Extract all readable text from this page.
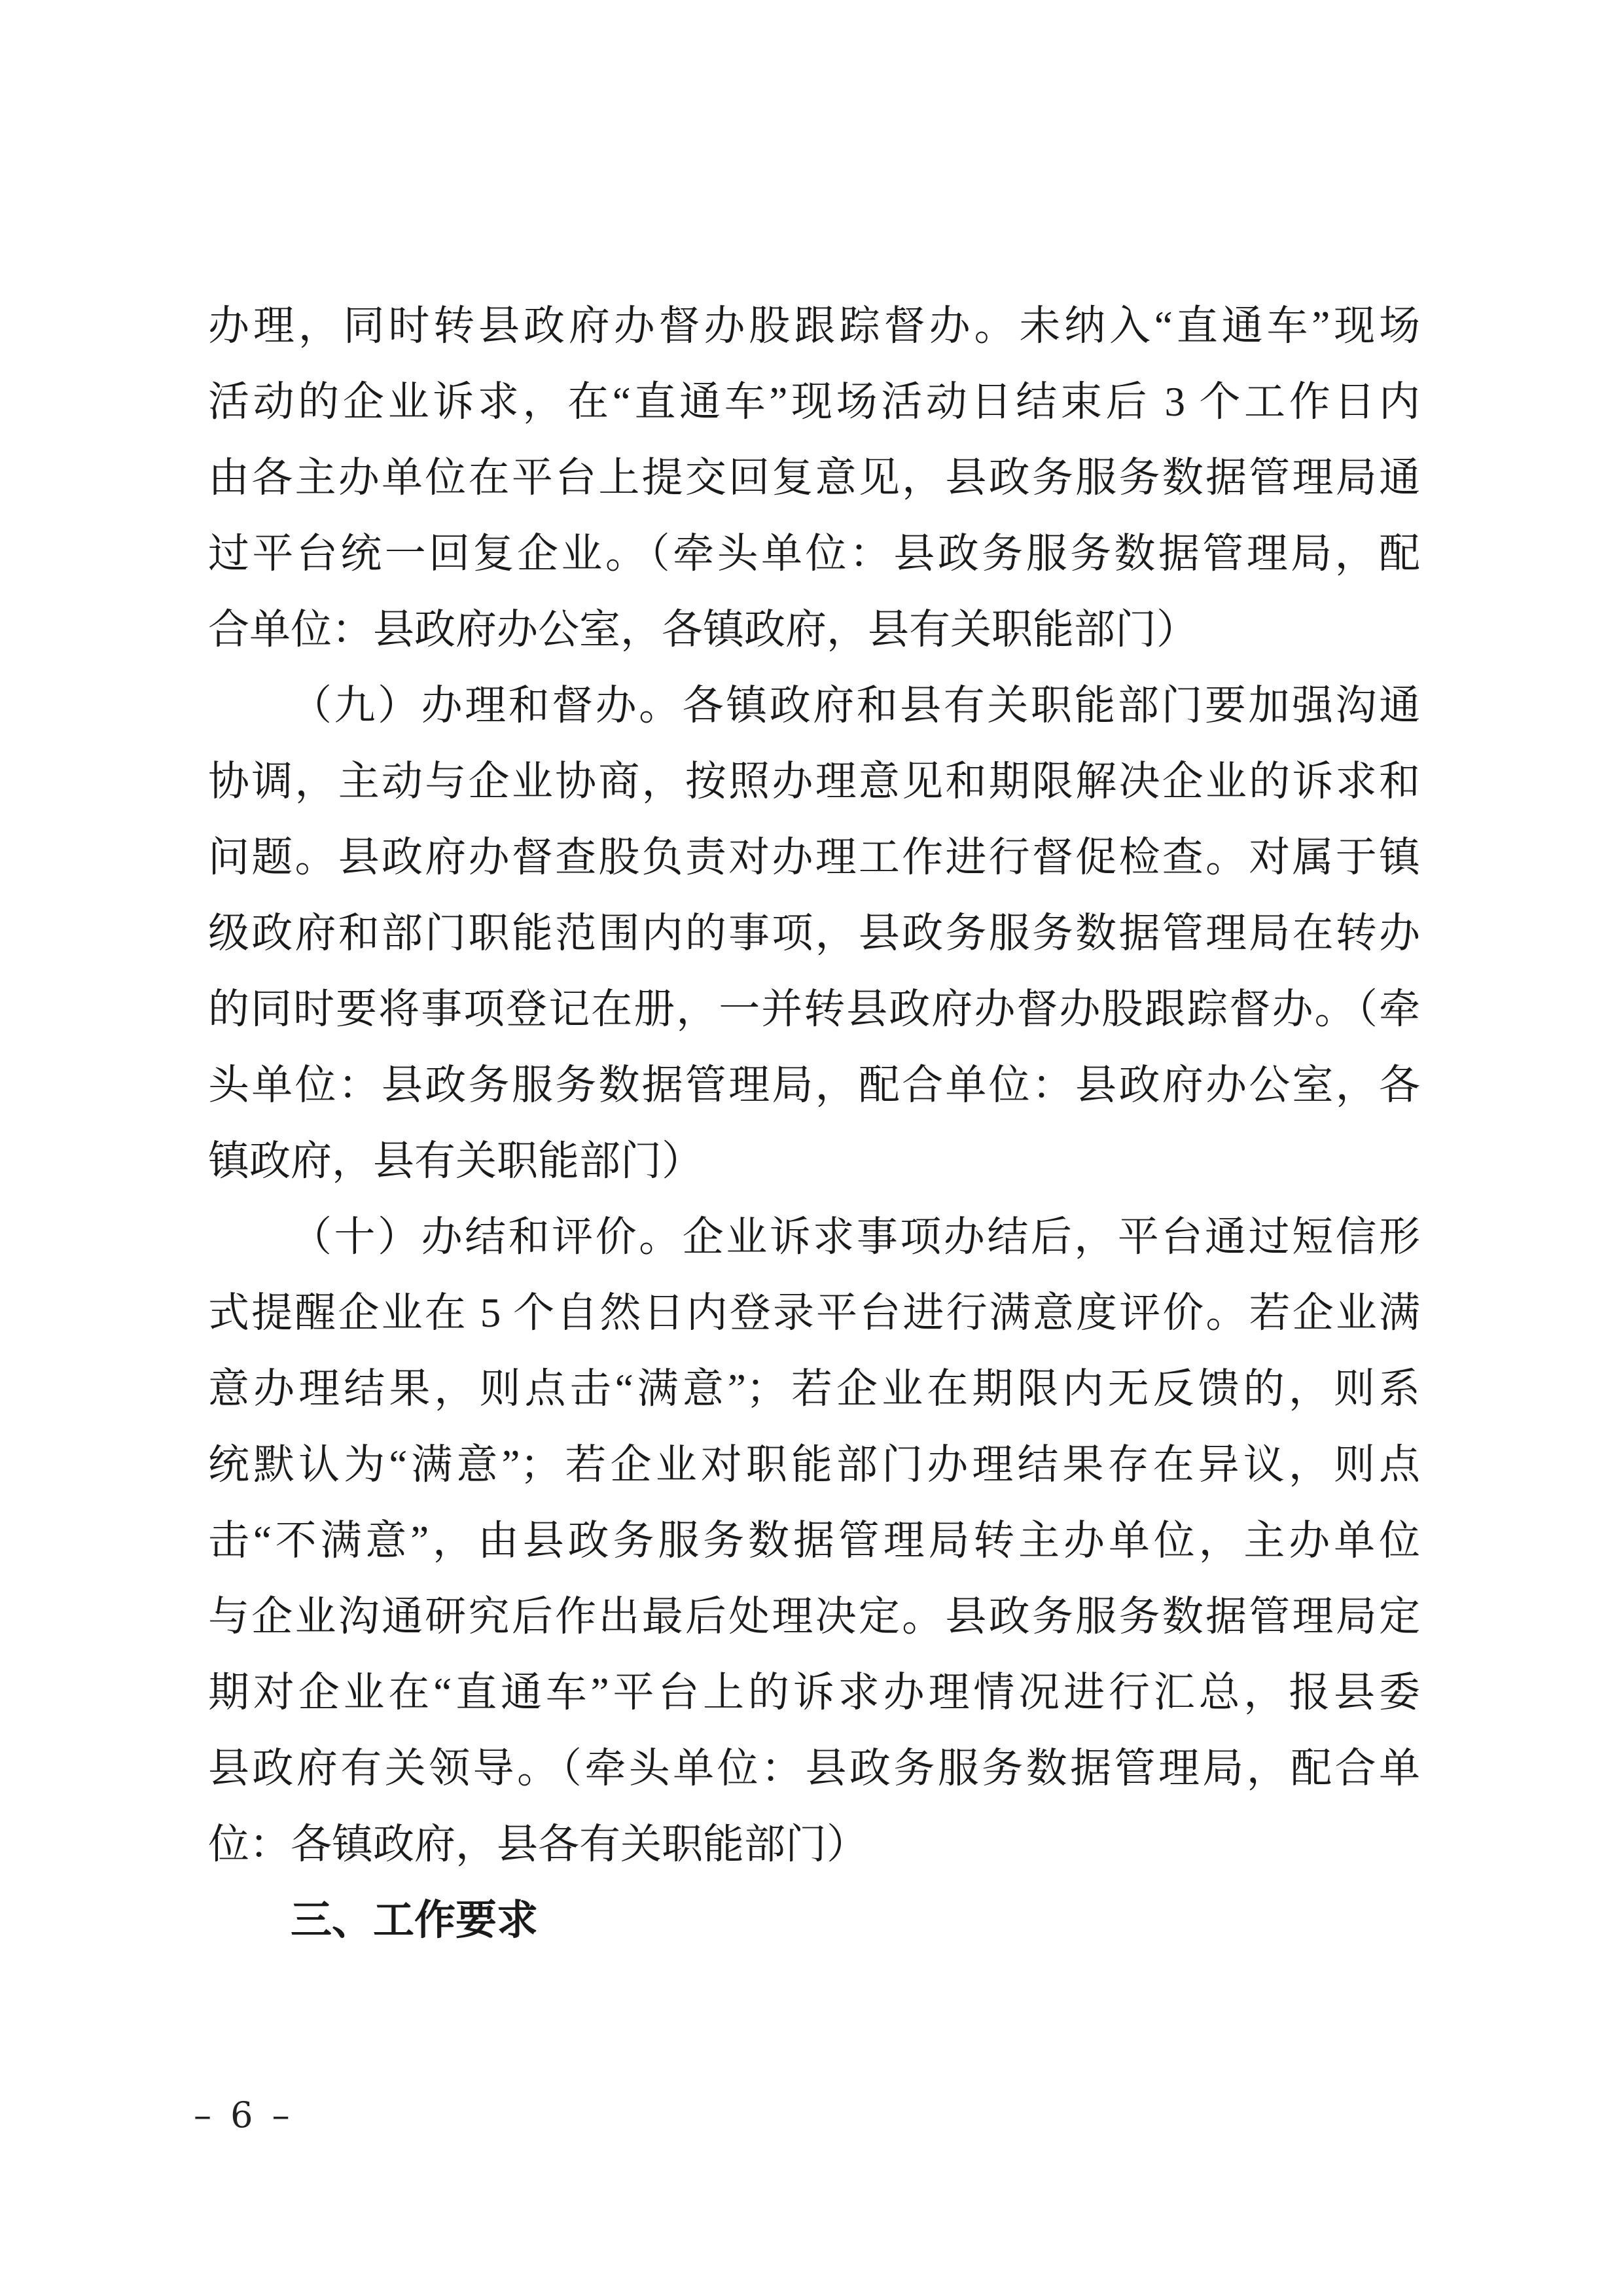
办理，同时转县政府办督办股跟踪督办。未纳入“直通车”现场
活动的企业诉求，在“直通车”现场活动日结束后 3 个工作日内
由各主办单位在平台上提交回复意见，县政务服务数据管理局通
过平台统一回复企业。（牵头单位：县政务服务数据管理局，配
合单位：县政府办公室，各镇政府，县有关职能部门）
（九）办理和督办。各镇政府和县有关职能部门要加强沟通
协调，主动与企业协商，按照办理意见和期限解决企业的诉求和
问题。县政府办督查股负责对办理工作进行督促检查。对属于镇
级政府和部门职能范围内的事项，县政务服务数据管理局在转办
的同时要将事项登记在册，一并转县政府办督办股跟踪督办。（牵
头单位：县政务服务数据管理局，配合单位：县政府办公室，各
镇政府，县有关职能部门）
（十）办结和评价。企业诉求事项办结后，平台通过短信形
式提醒企业在 5 个自然日内登录平台进行满意度评价。若企业满
意办理结果，则点击“满意”；若企业在期限内无反馈的，则系
统默认为“满意”；若企业对职能部门办理结果存在异议，则点
击“不满意”，由县政务服务数据管理局转主办单位，主办单位
与企业沟通研究后作出最后处理决定。县政务服务数据管理局定
期对企业在“直通车”平台上的诉求办理情况进行汇总，报县委
县政府有关领导。（牵头单位：县政务服务数据管理局，配合单
位：各镇政府，县各有关职能部门）
三、工作要求
– 6 –
